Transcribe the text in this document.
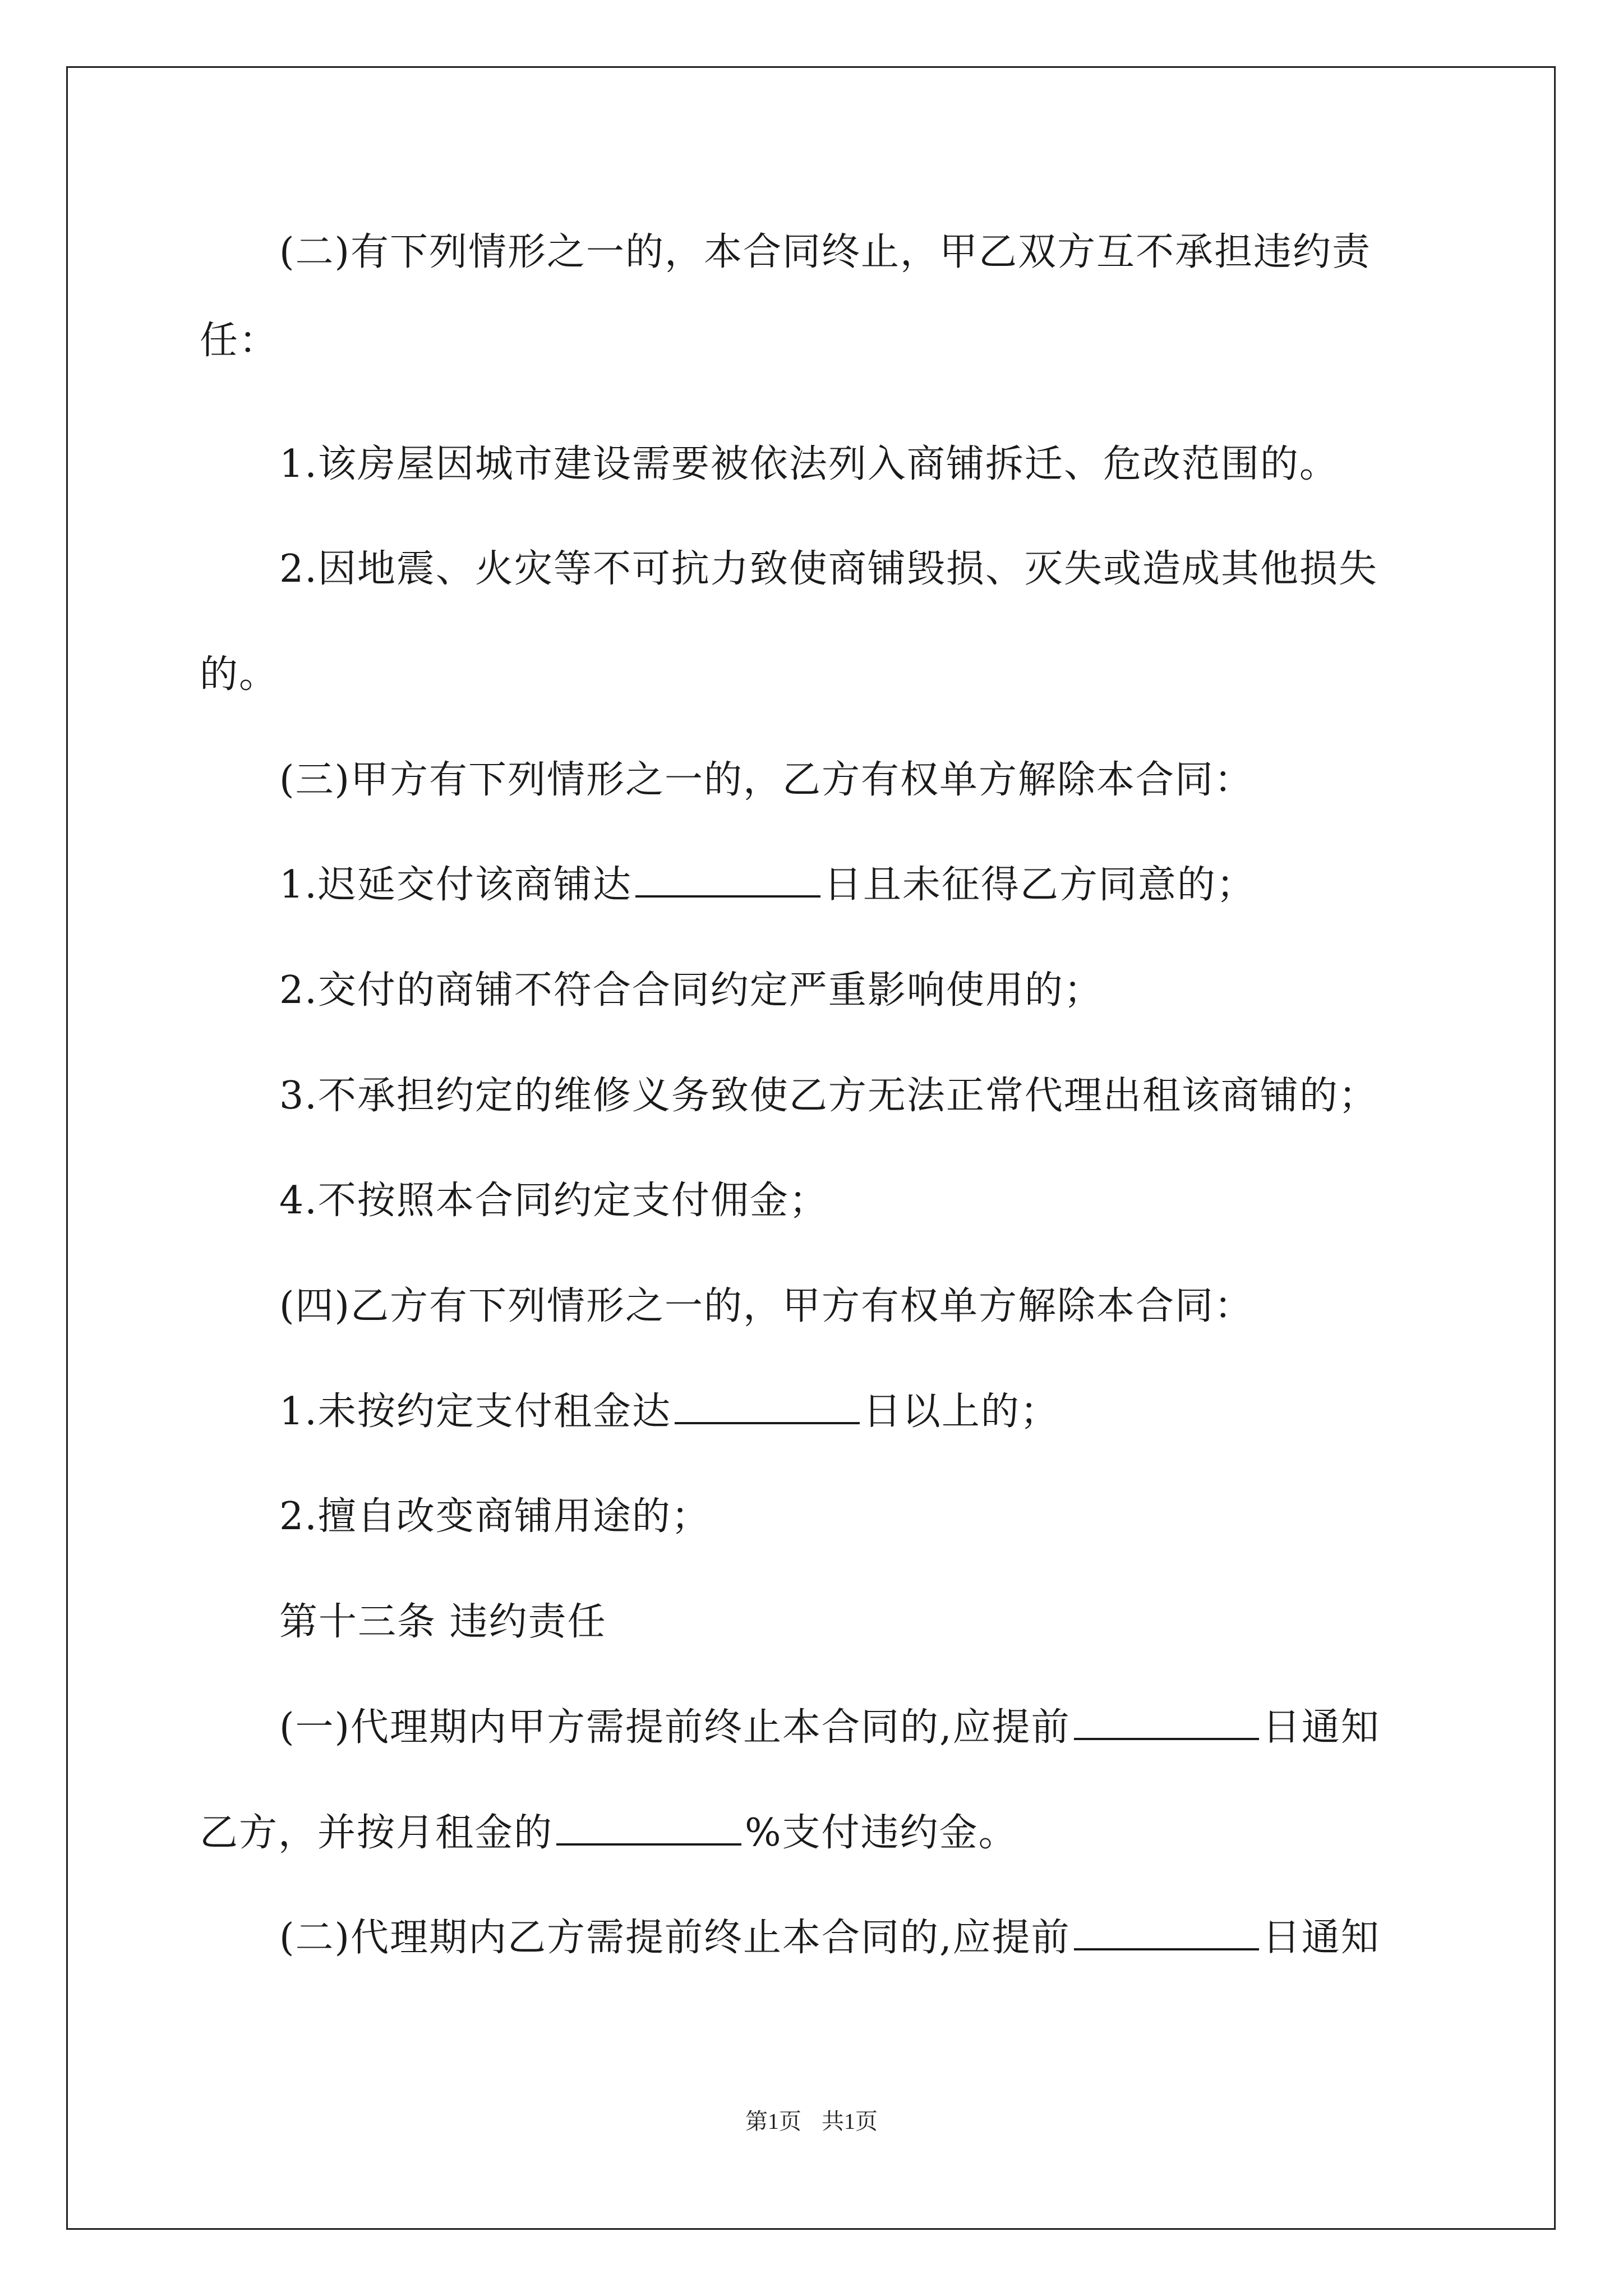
(二)有下列情形之一的，本合同终止，甲乙双方互不承担违约责
任：
1.该房屋因城市建设需要被依法列入商铺拆迁、危改范围的。
2.因地震、火灾等不可抗力致使商铺毁损、灭失或造成其他损失
的。
(三)甲方有下列情形之一的，乙方有权单方解除本合同：
1.迟延交付该商铺达	日且未征得乙方同意的；
2.交付的商铺不符合合同约定严重影响使用的；
3.不承担约定的维修义务致使乙方无法正常代理出租该商铺的；
4.不按照本合同约定支付佣金；
(四)乙方有下列情形之一的，甲方有权单方解除本合同：
1.未按约定支付租金达	日以上的；
2.擅自改变商铺用途的；
第十三条 违约责任
(一)代理期内甲方需提前终止本合同的,应提前	日通知
乙方，并按月租金的	%支付违约金。
(二)代理期内乙方需提前终止本合同的,应提前	日通知
第1页 共1页
